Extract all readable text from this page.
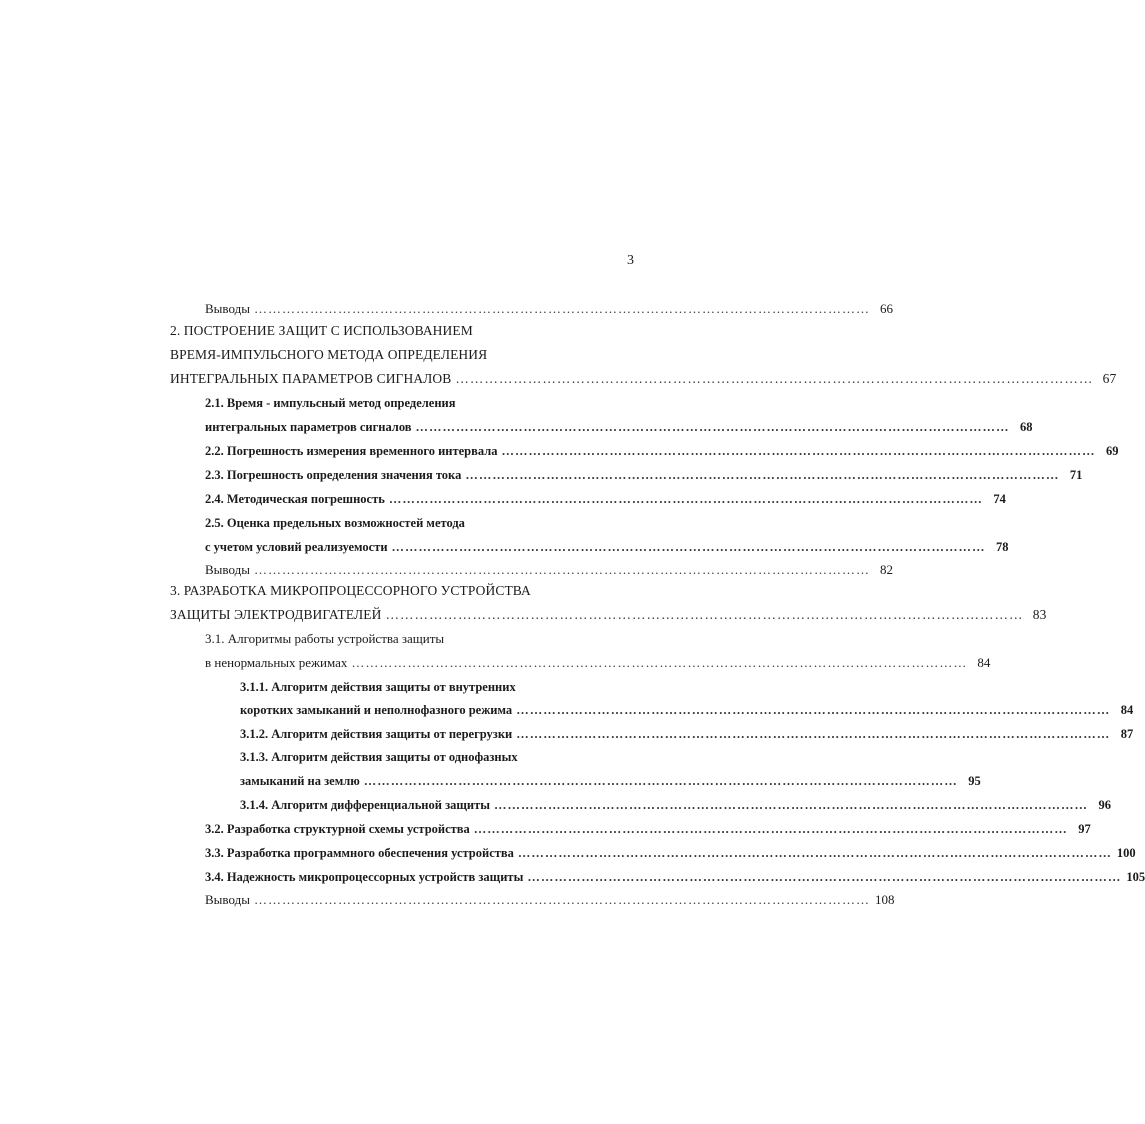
3
Выводы …………………………………………………………………………………………………………………… 66
2. ПОСТРОЕНИЕ ЗАЩИТ С ИСПОЛЬЗОВАНИЕМ
ВРЕМЯ-ИМПУЛЬСНОГО МЕТОДА ОПРЕДЕЛЕНИЯ
ИНТЕГРАЛЬНЫХ ПАРАМЕТРОВ СИГНАЛОВ …………………………………………………………………………………………………………………… 67
2.1. Время - импульсный метод определения
интегральных параметров сигналов …………………………………………………………………………………………………………………… 68
2.2. Погрешность измерения временного интервала …………………………………………………………………………………………………………………… 69
2.3. Погрешность определения значения тока …………………………………………………………………………………………………………………… 71
2.4. Методическая погрешность …………………………………………………………………………………………………………………… 74
2.5. Оценка предельных возможностей метода
с учетом условий реализуемости …………………………………………………………………………………………………………………… 78
Выводы …………………………………………………………………………………………………………………… 82
3. РАЗРАБОТКА МИКРОПРОЦЕССОРНОГО УСТРОЙСТВА
ЗАЩИТЫ ЭЛЕКТРОДВИГАТЕЛЕЙ …………………………………………………………………………………………………………………… 83
3.1. Алгоритмы работы устройства защиты
в ненормальных режимах …………………………………………………………………………………………………………………… 84
3.1.1. Алгоритм действия защиты от внутренних
коротких замыканий и неполнофазного режима …………………………………………………………………………………………………………………… 84
3.1.2. Алгоритм действия защиты от перегрузки …………………………………………………………………………………………………………………… 87
3.1.3. Алгоритм действия защиты от однофазных
замыканий на землю …………………………………………………………………………………………………………………… 95
3.1.4. Алгоритм дифференциальной защиты …………………………………………………………………………………………………………………… 96
3.2. Разработка структурной схемы устройства …………………………………………………………………………………………………………………… 97
3.3. Разработка программного обеспечения устройства …………………………………………………………………………………………………………………… 100
3.4. Надежность микропроцессорных устройств защиты …………………………………………………………………………………………………………………… 105
Выводы …………………………………………………………………………………………………………………… 108
